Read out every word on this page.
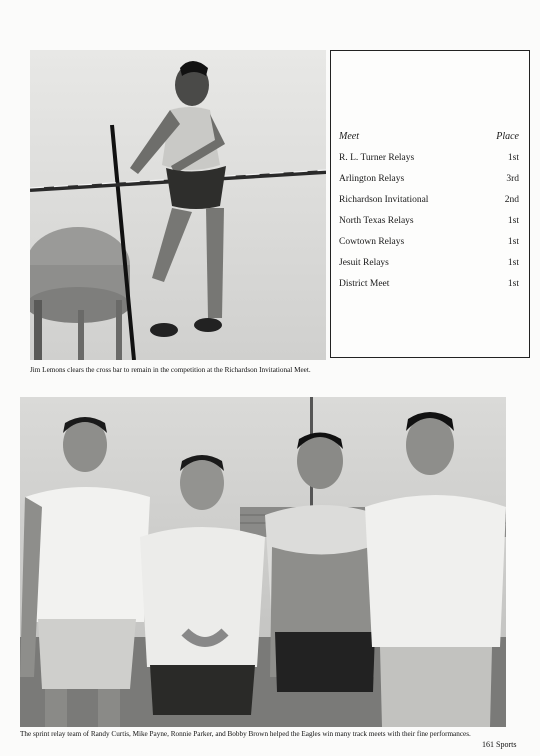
Jim Lemons clears the cross bar to remain in the competition at the Richardson Invitational Meet.
Meet	Place
R. L. Turner Relays	1st
Arlington Relays	3rd
Richardson Invitational	2nd
North Texas Relays	1st
Cowtown Relays	1st
Jesuit Relays	1st
District Meet	1st
The sprint relay team of Randy Curtis, Mike Payne, Ronnie Parker, and Bobby Brown helped the Eagles win many track meets with their fine performances.
161 Sports
